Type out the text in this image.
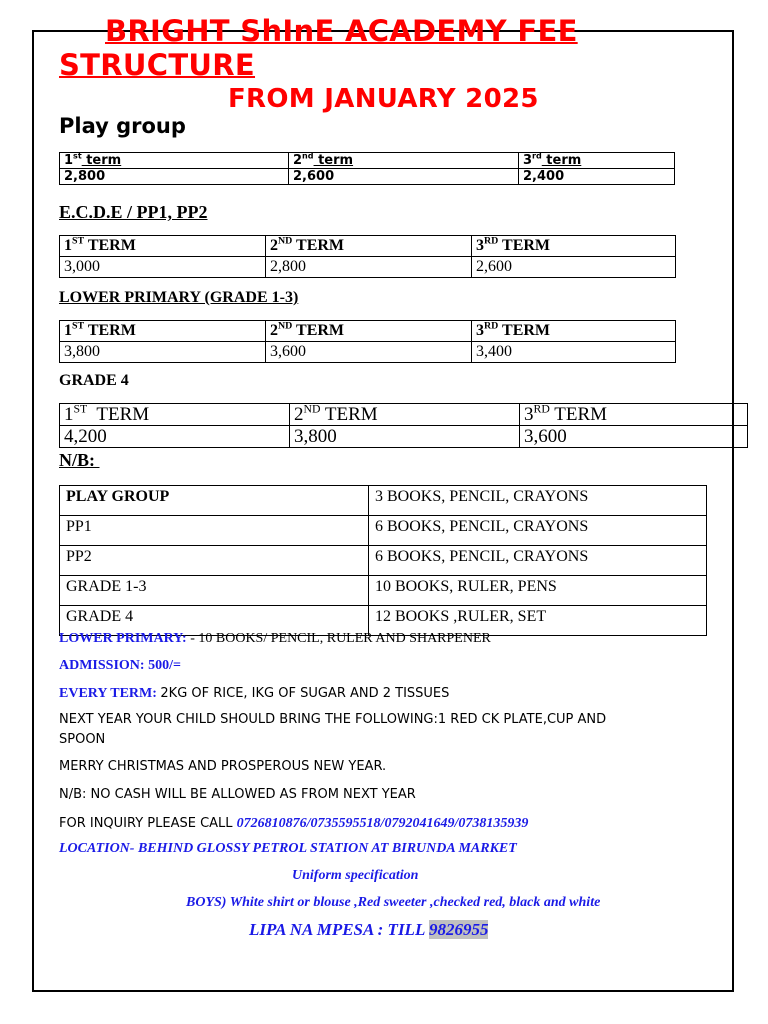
BRIGHT ShInE ACADEMY FEE
STRUCTURE
FROM JANUARY 2025
Play group
1st term	2nd term	3rd term
2,800	2,600	2,400
E.C.D.E / PP1, PP2
1ST TERM	2ND TERM	3RD TERM
3,000	2,800	2,600
LOWER PRIMARY (GRADE 1-3)
1ST TERM	2ND TERM	3RD TERM
3,800	3,600	3,400
GRADE 4
1ST  TERM	2ND TERM	3RD TERM
4,200	3,800	3,600
N/B:
PLAY GROUP	3 BOOKS, PENCIL, CRAYONS
PP1	6 BOOKS, PENCIL, CRAYONS
PP2	6 BOOKS, PENCIL, CRAYONS
GRADE 1-3	10 BOOKS, RULER, PENS
GRADE 4	12 BOOKS ,RULER, SET
LOWER PRIMARY: - 10 BOOKS/ PENCIL, RULER AND SHARPENER
ADMISSION: 500/=
EVERY TERM: 2KG OF RICE, IKG OF SUGAR AND 2 TISSUES
NEXT YEAR YOUR CHILD SHOULD BRING THE FOLLOWING:1 RED CK PLATE,CUP AND
SPOON
MERRY CHRISTMAS AND PROSPEROUS NEW YEAR.
N/B: NO CASH WILL BE ALLOWED AS FROM NEXT YEAR
FOR INQUIRY PLEASE CALL 0726810876/0735595518/0792041649/0738135939
LOCATION- BEHIND GLOSSY PETROL STATION AT BIRUNDA MARKET
Uniform specification
BOYS) White shirt or blouse ,Red sweeter ,checked red, black and white
LIPA NA MPESA : TILL 9826955
